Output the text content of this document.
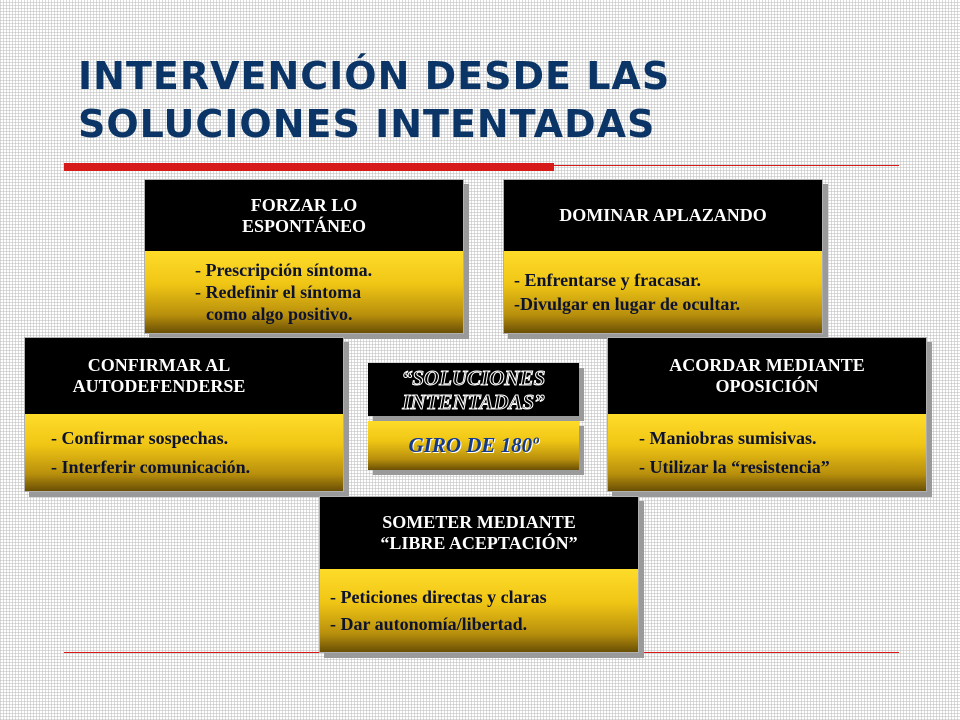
INTERVENCIÓN DESDE LAS
SOLUCIONES INTENTADAS
FORZAR LO
ESPONTÁNEO
- Prescripción síntoma.
- Redefinir el síntoma
como algo positivo.
DOMINAR APLAZANDO
- Enfrentarse y fracasar.
-Divulgar en lugar de ocultar.
CONFIRMAR AL
AUTODEFENDERSE
- Confirmar sospechas.
- Interferir comunicación.
“SOLUCIONES
INTENTADAS”
GIRO DE 180º
ACORDAR MEDIANTE
OPOSICIÓN
- Maniobras sumisivas.
- Utilizar la “resistencia”
SOMETER MEDIANTE
“LIBRE ACEPTACIÓN”
- Peticiones directas y claras
- Dar autonomía/libertad.
